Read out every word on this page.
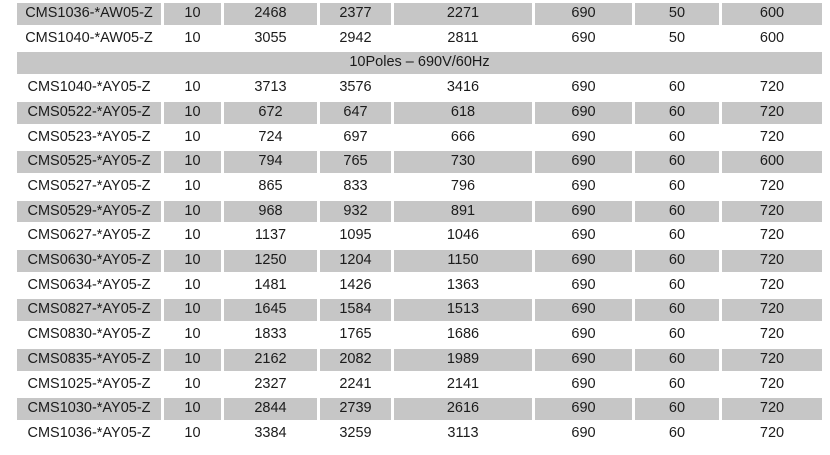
CMS1036-*AW05-Z	10	2468	2377	2271	690	50	600
CMS1040-*AW05-Z	10	3055	2942	2811	690	50	600
10Poles – 690V/60Hz							
CMS1040-*AY05-Z	10	3713	3576	3416	690	60	720
CMS0522-*AY05-Z	10	672	647	618	690	60	720
CMS0523-*AY05-Z	10	724	697	666	690	60	720
CMS0525-*AY05-Z	10	794	765	730	690	60	600
CMS0527-*AY05-Z	10	865	833	796	690	60	720
CMS0529-*AY05-Z	10	968	932	891	690	60	720
CMS0627-*AY05-Z	10	1137	1095	1046	690	60	720
CMS0630-*AY05-Z	10	1250	1204	1150	690	60	720
CMS0634-*AY05-Z	10	1481	1426	1363	690	60	720
CMS0827-*AY05-Z	10	1645	1584	1513	690	60	720
CMS0830-*AY05-Z	10	1833	1765	1686	690	60	720
CMS0835-*AY05-Z	10	2162	2082	1989	690	60	720
CMS1025-*AY05-Z	10	2327	2241	2141	690	60	720
CMS1030-*AY05-Z	10	2844	2739	2616	690	60	720
CMS1036-*AY05-Z	10	3384	3259	3113	690	60	720
